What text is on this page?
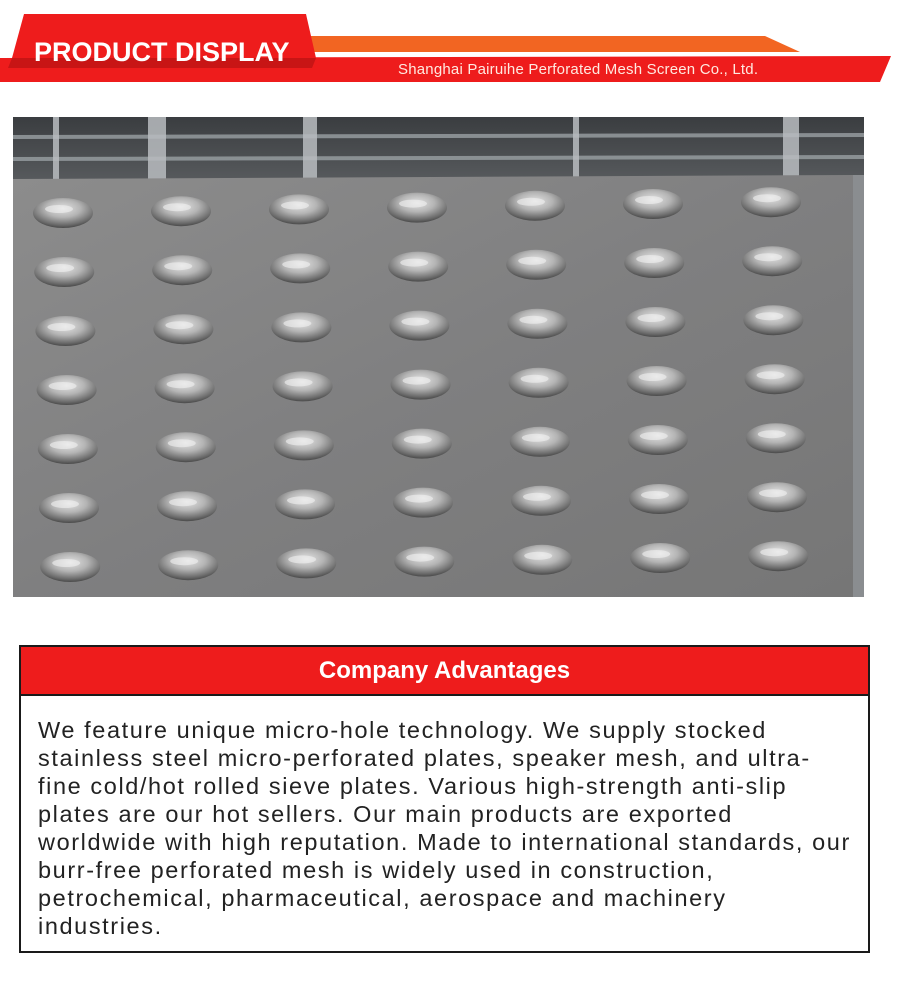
PRODUCT DISPLAY
Shanghai Pairuihe Perforated Mesh Screen Co., Ltd.
Company Advantages
We feature unique micro-hole technology. We supply stocked stainless steel micro-perforated plates, speaker mesh, and ultra-fine cold/hot rolled sieve plates. Various high-strength anti-slip plates are our hot sellers. Our main products are exported worldwide with high reputation. Made to international standards, our burr-free perforated mesh is widely used in construction, petrochemical, pharmaceutical, aerospace and machinery industries.
